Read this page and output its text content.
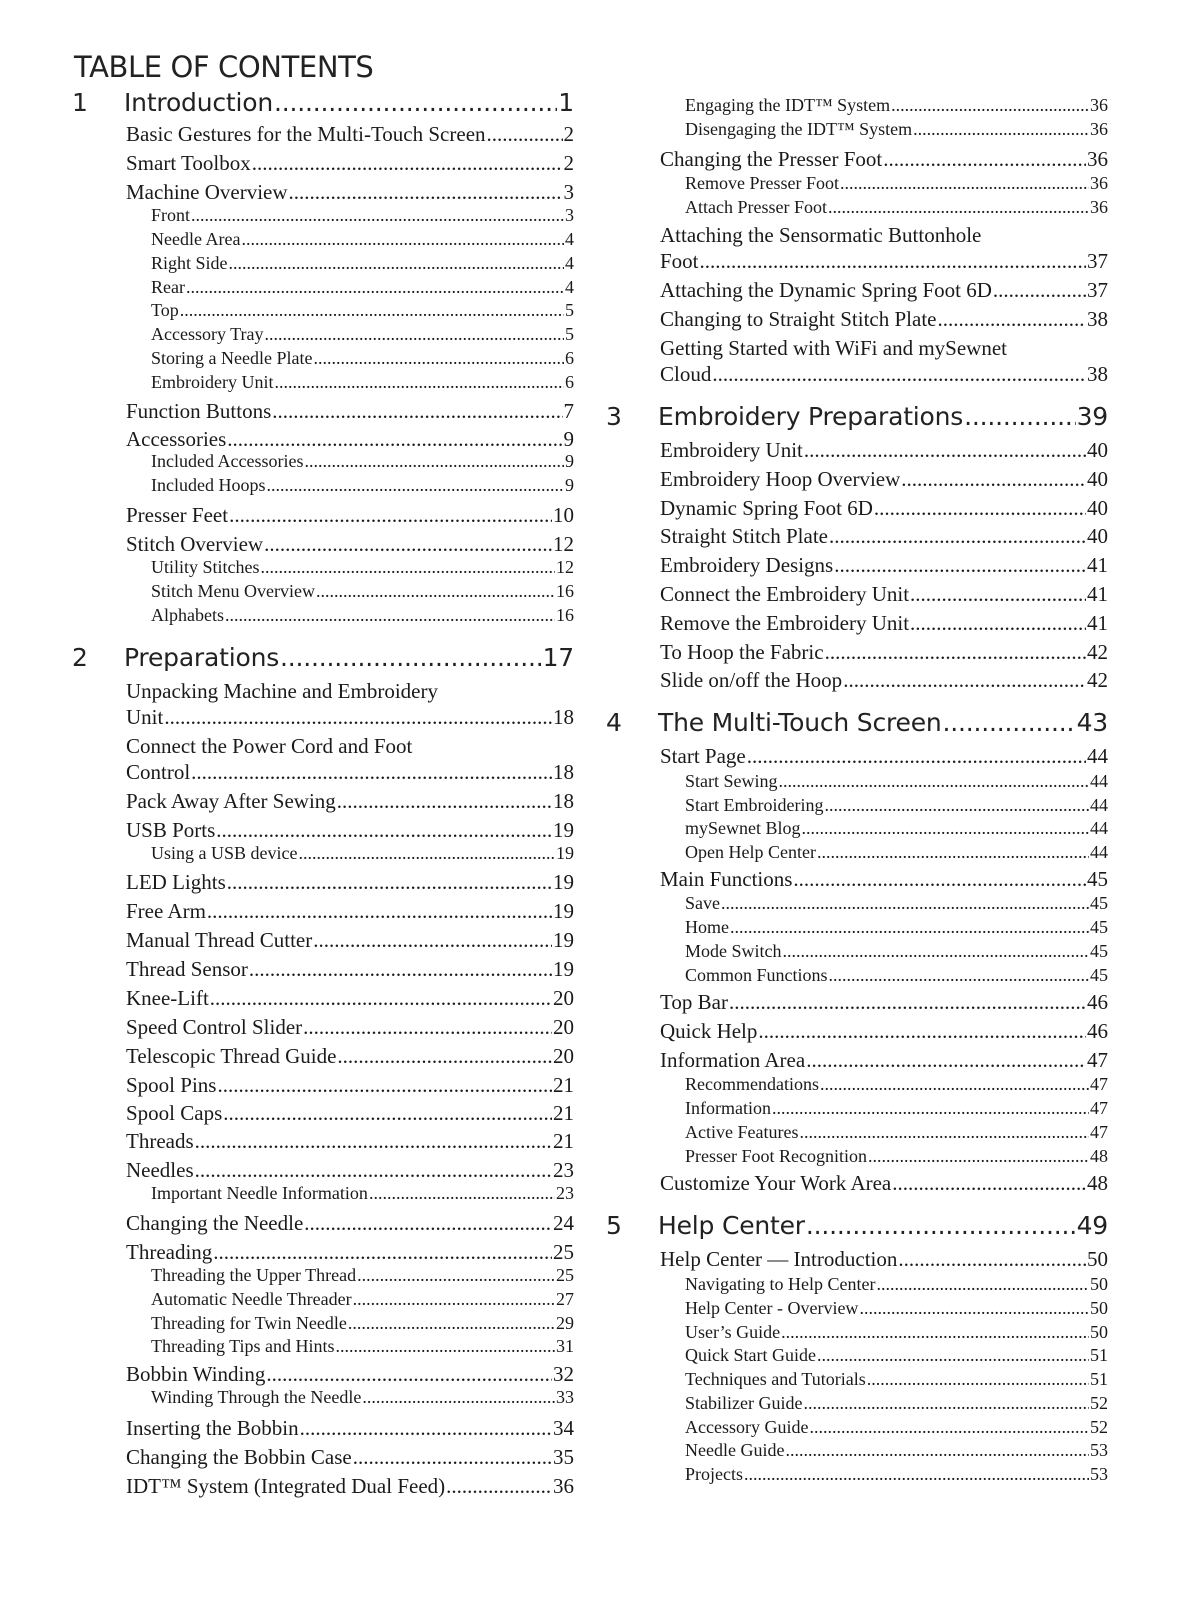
TABLE OF CONTENTS
1 Introduction .....	1
Basic Gestures for the Multi-Touch Screen .....	2
Smart Toolbox .....	2
Machine Overview .....	3
Front .....	3
Needle Area .....	4
Right Side .....	4
Rear .....	4
Top .....	5
Accessory Tray .....	5
Storing a Needle Plate .....	6
Embroidery Unit .....	6
Function Buttons .....	7
Accessories .....	9
Included Accessories .....	9
Included Hoops .....	9
Presser Feet .....	10
Stitch Overview .....	12
Utility Stitches .....	12
Stitch Menu Overview .....	16
Alphabets .....	16
2 Preparations .....	17
Unpacking Machine and Embroidery
Unit .....	18
Connect the Power Cord and Foot
Control .....	18
Pack Away After Sewing .....	18
USB Ports .....	19
Using a USB device .....	19
LED Lights .....	19
Free Arm .....	19
Manual Thread Cutter .....	19
Thread Sensor .....	19
Knee-Lift .....	20
Speed Control Slider .....	20
Telescopic Thread Guide .....	20
Spool Pins .....	21
Spool Caps .....	21
Threads .....	21
Needles .....	23
Important Needle Information .....	23
Changing the Needle .....	24
Threading .....	25
Threading the Upper Thread .....	25
Automatic Needle Threader .....	27
Threading for Twin Needle .....	29
Threading Tips and Hints .....	31
Bobbin Winding .....	32
Winding Through the Needle .....	33
Inserting the Bobbin .....	34
Changing the Bobbin Case .....	35
IDT™ System (Integrated Dual Feed) .....	36
Engaging the IDT™ System .....	36
Disengaging the IDT™ System .....	36
Changing the Presser Foot .....	36
Remove Presser Foot .....	36
Attach Presser Foot .....	36
Attaching the Sensormatic Buttonhole
Foot .....	37
Attaching the Dynamic Spring Foot 6D .....	37
Changing to Straight Stitch Plate .....	38
Getting Started with WiFi and mySewnet
Cloud .....	38
3 Embroidery Preparations .....	39
Embroidery Unit .....	40
Embroidery Hoop Overview .....	40
Dynamic Spring Foot 6D .....	40
Straight Stitch Plate .....	40
Embroidery Designs .....	41
Connect the Embroidery Unit .....	41
Remove the Embroidery Unit .....	41
To Hoop the Fabric .....	42
Slide on/off the Hoop .....	42
4 The Multi-Touch Screen .....	43
Start Page .....	44
Start Sewing .....	44
Start Embroidering .....	44
mySewnet Blog .....	44
Open Help Center .....	44
Main Functions .....	45
Save .....	45
Home .....	45
Mode Switch .....	45
Common Functions .....	45
Top Bar .....	46
Quick Help .....	46
Information Area .....	47
Recommendations .....	47
Information .....	47
Active Features .....	47
Presser Foot Recognition .....	48
Customize Your Work Area .....	48
5 Help Center .....	49
Help Center — Introduction .....	50
Navigating to Help Center .....	50
Help Center - Overview .....	50
User’s Guide .....	50
Quick Start Guide .....	51
Techniques and Tutorials .....	51
Stabilizer Guide .....	52
Accessory Guide .....	52
Needle Guide .....	53
Projects .....	53
